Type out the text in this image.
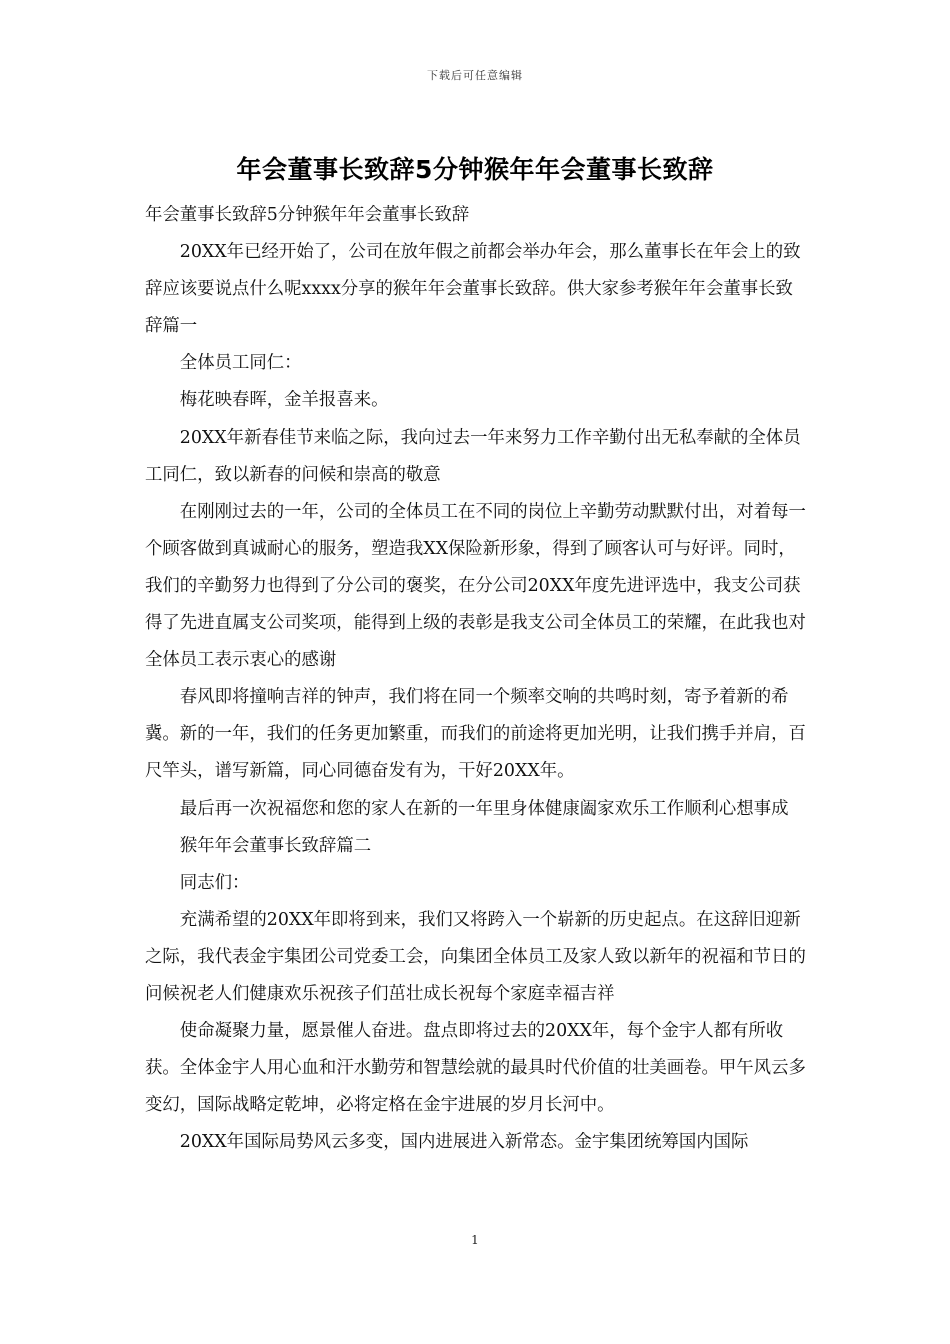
下载后可任意编辑
年会董事长致辞5分钟猴年年会董事长致辞

年会董事长致辞5分钟猴年年会董事长致辞

20XX年已经开始了，公司在放年假之前都会举办年会，那么董事长在年会上的致辞应该要说点什么呢xxxx分享的猴年年会董事长致辞。供大家参考猴年年会董事长致辞篇一

全体员工同仁：

梅花映春晖，金羊报喜来。

20XX年新春佳节来临之际，我向过去一年来努力工作辛勤付出无私奉献的全体员工同仁，致以新春的问候和崇高的敬意

在刚刚过去的一年，公司的全体员工在不同的岗位上辛勤劳动默默付出，对着每一个顾客做到真诚耐心的服务，塑造我XX保险新形象，得到了顾客认可与好评。同时，我们的辛勤努力也得到了分公司的褒奖，在分公司20XX年度先进评选中，我支公司获得了先进直属支公司奖项，能得到上级的表彰是我支公司全体员工的荣耀，在此我也对全体员工表示衷心的感谢

春风即将撞响吉祥的钟声，我们将在同一个频率交响的共鸣时刻，寄予着新的希冀。新的一年，我们的任务更加繁重，而我们的前途将更加光明，让我们携手并肩，百尺竿头，谱写新篇，同心同德奋发有为，干好20XX年。

最后再一次祝福您和您的家人在新的一年里身体健康阖家欢乐工作顺利心想事成

猴年年会董事长致辞篇二

同志们：

充满希望的20XX年即将到来，我们又将跨入一个崭新的历史起点。在这辞旧迎新之际，我代表金宇集团公司党委工会，向集团全体员工及家人致以新年的祝福和节日的问候祝老人们健康欢乐祝孩子们茁壮成长祝每个家庭幸福吉祥

使命凝聚力量，愿景催人奋进。盘点即将过去的20XX年，每个金宇人都有所收获。全体金宇人用心血和汗水勤劳和智慧绘就的最具时代价值的壮美画卷。甲午风云多变幻，国际战略定乾坤，必将定格在金宇进展的岁月长河中。

20XX年国际局势风云多变，国内进展进入新常态。金宇集团统筹国内国际

1
